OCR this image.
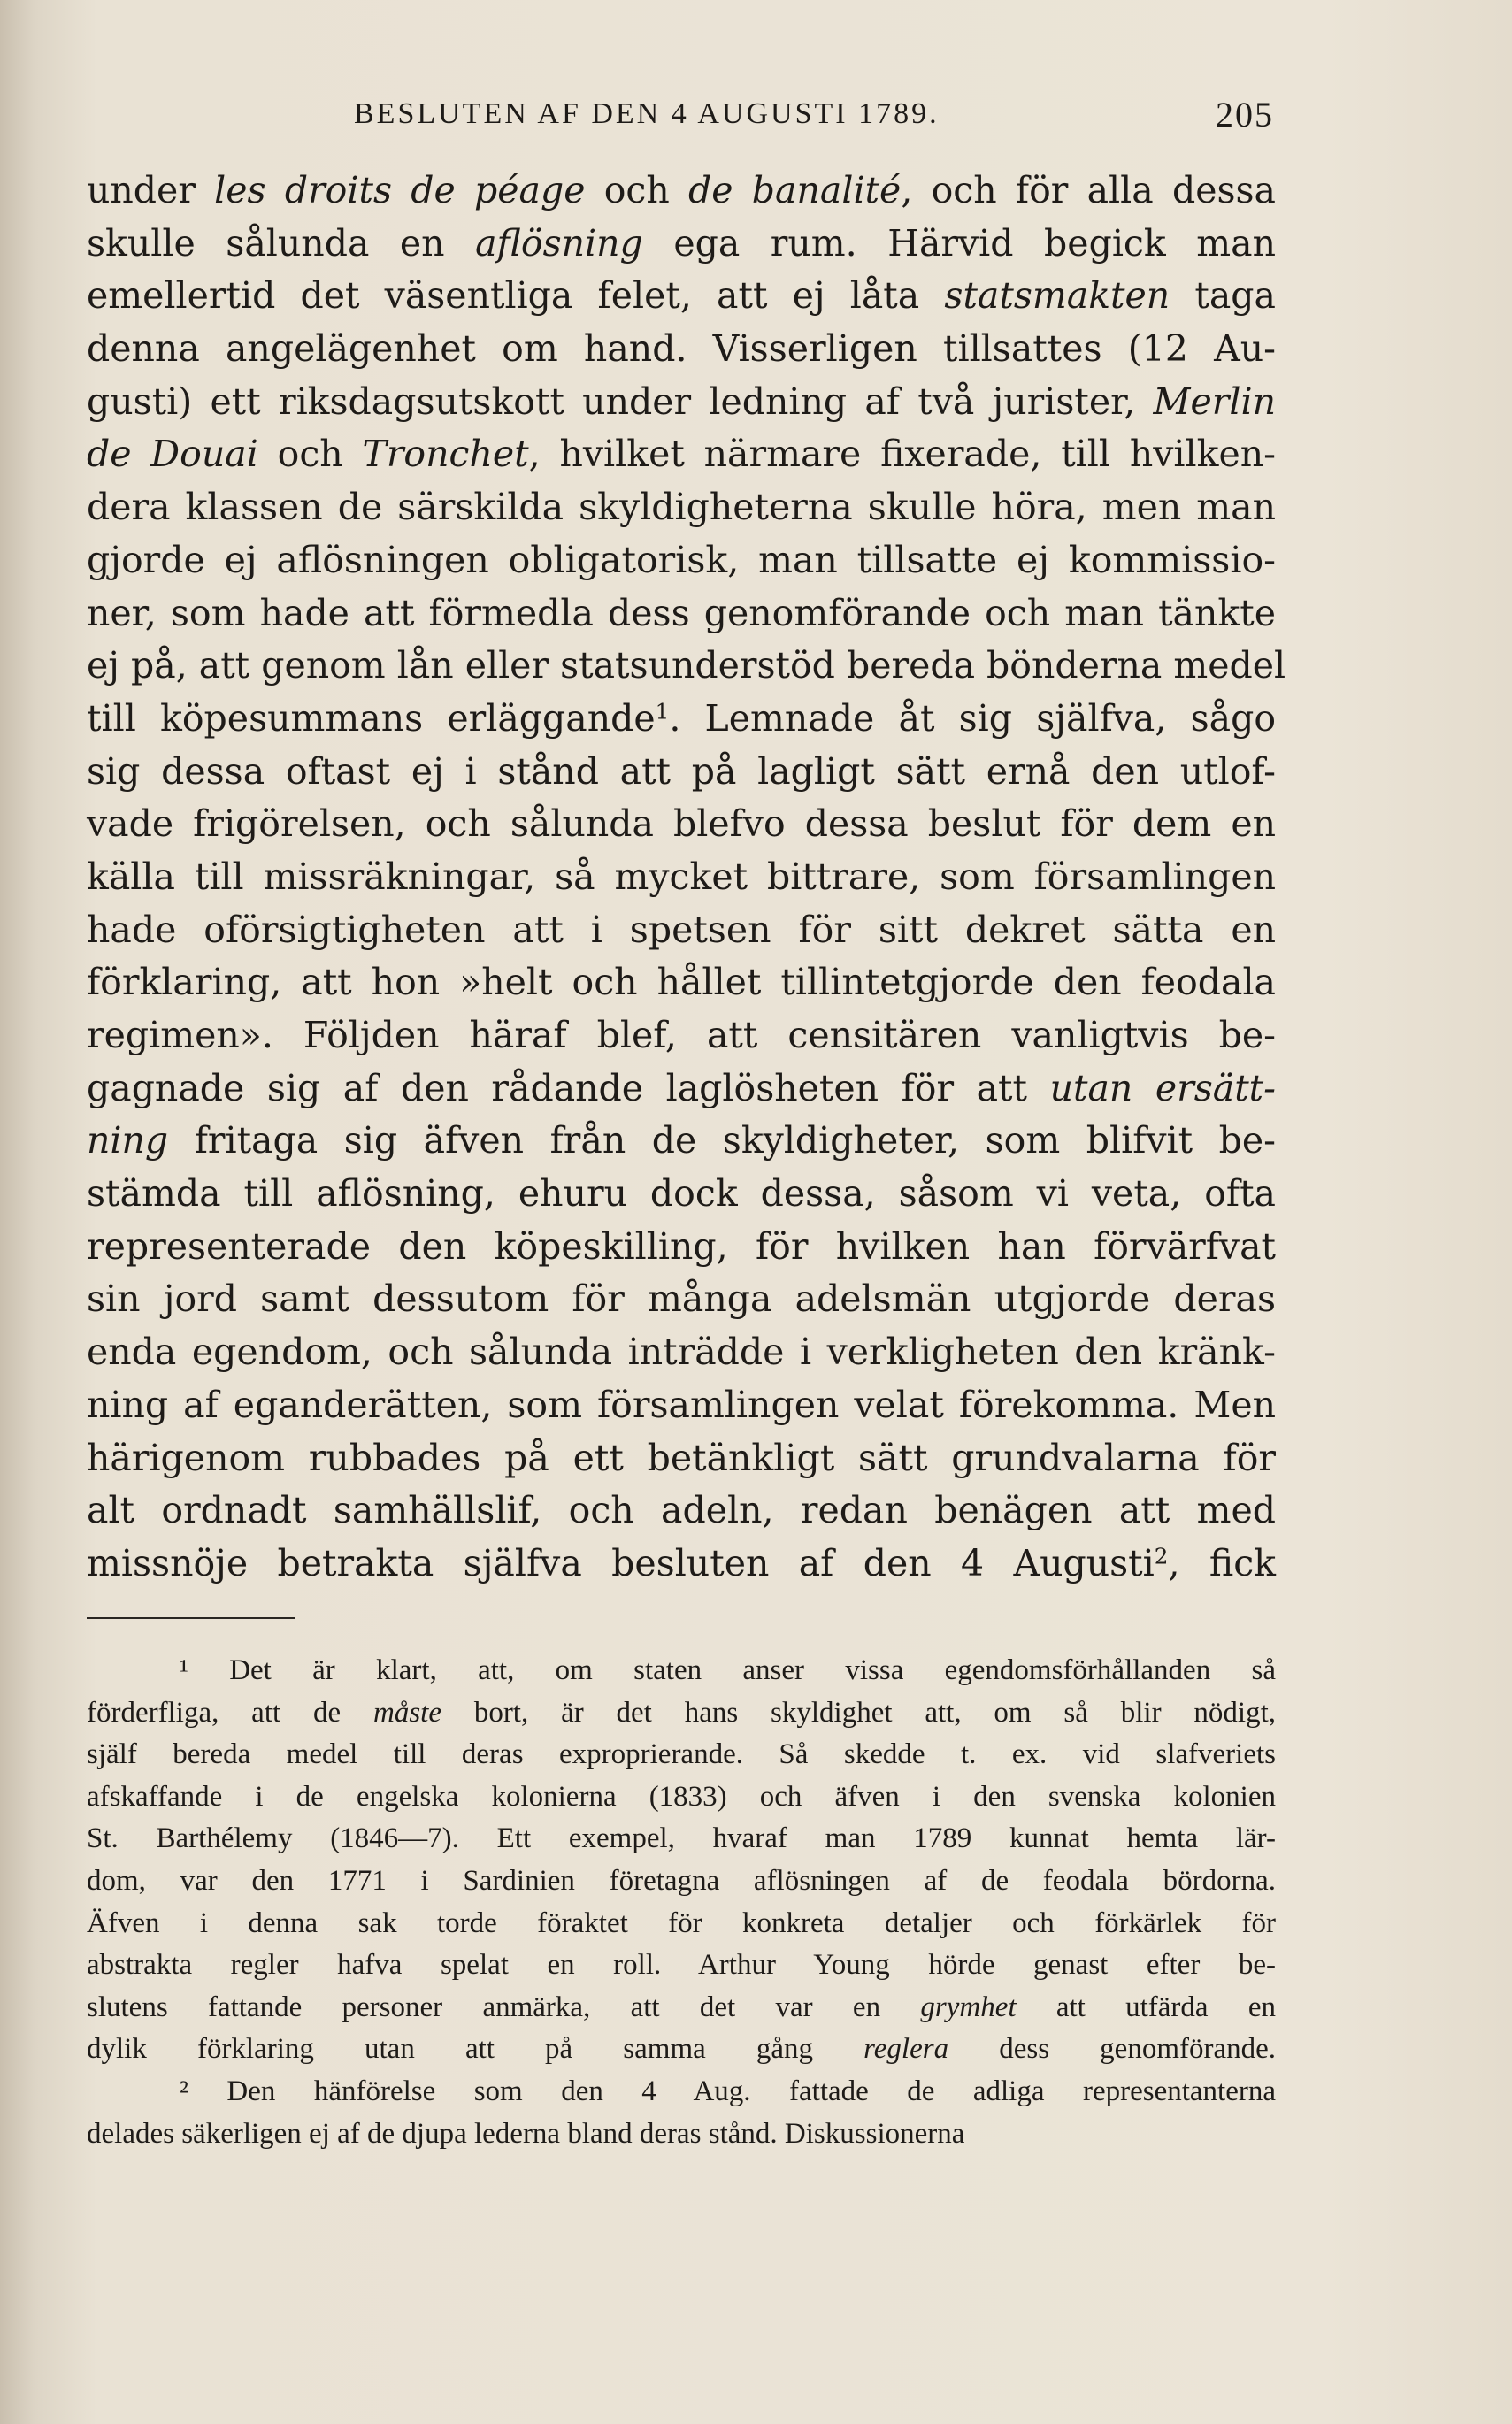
BESLUTEN AF DEN 4 AUGUSTI 1789.	205
under les droits de péage och de banalité, och för alla dessa
skulle sålunda en aflösning ega rum. Härvid begick man
emellertid det väsentliga felet, att ej låta statsmakten taga
denna angelägenhet om hand. Visserligen tillsattes (12 Au-
gusti) ett riksdagsutskott under ledning af två jurister, Merlin
de Douai och Tronchet, hvilket närmare fixerade, till hvilken-
dera klassen de särskilda skyldigheterna skulle höra, men man
gjorde ej aflösningen obligatorisk, man tillsatte ej kommissio-
ner, som hade att förmedla dess genomförande och man tänkte
ej på, att genom lån eller statsunderstöd bereda bönderna medel
till köpesummans erläggande$^1$. Lemnade åt sig själfva, sågo
sig dessa oftast ej i stånd att på lagligt sätt ernå den utlof-
vade frigörelsen, och sålunda blefvo dessa beslut för dem en
källa till missräkningar, så mycket bittrare, som församlingen
hade oförsigtigheten att i spetsen för sitt dekret sätta en
förklaring, att hon »helt och hållet tillintetgjorde den feodala
regimen». Följden häraf blef, att censitären vanligtvis be-
gagnade sig af den rådande laglösheten för att utan ersätt-
ning fritaga sig äfven från de skyldigheter, som blifvit be-
stämda till aflösning, ehuru dock dessa, såsom vi veta, ofta
representerade den köpeskilling, för hvilken han förvärfvat
sin jord samt dessutom för många adelsmän utgjorde deras
enda egendom, och sålunda inträdde i verkligheten den kränk-
ning af eganderätten, som församlingen velat förekomma. Men
härigenom rubbades på ett betänkligt sätt grundvalarna för
alt ordnadt samhällslif, och adeln, redan benägen att med
missnöje betrakta själfva besluten af den 4 Augusti$^2$, fick
¹ Det är klart, att, om staten anser vissa egendomsförhållanden så
förderfliga, att de måste bort, är det hans skyldighet att, om så blir nödigt,
själf bereda medel till deras exproprierande. Så skedde t. ex. vid slafveriets
afskaffande i de engelska kolonierna (1833) och äfven i den svenska kolonien
St. Barthélemy (1846—7). Ett exempel, hvaraf man 1789 kunnat hemta lär-
dom, var den 1771 i Sardinien företagna aflösningen af de feodala bördorna.
Äfven i denna sak torde föraktet för konkreta detaljer och förkärlek för
abstrakta regler hafva spelat en roll. Arthur Young hörde genast efter be-
slutens fattande personer anmärka, att det var en grymhet att utfärda en
dylik förklaring utan att på samma gång reglera dess genomförande.
² Den hänförelse som den 4 Aug. fattade de adliga representanterna
delades säkerligen ej af de djupa lederna bland deras stånd. Diskussionerna
